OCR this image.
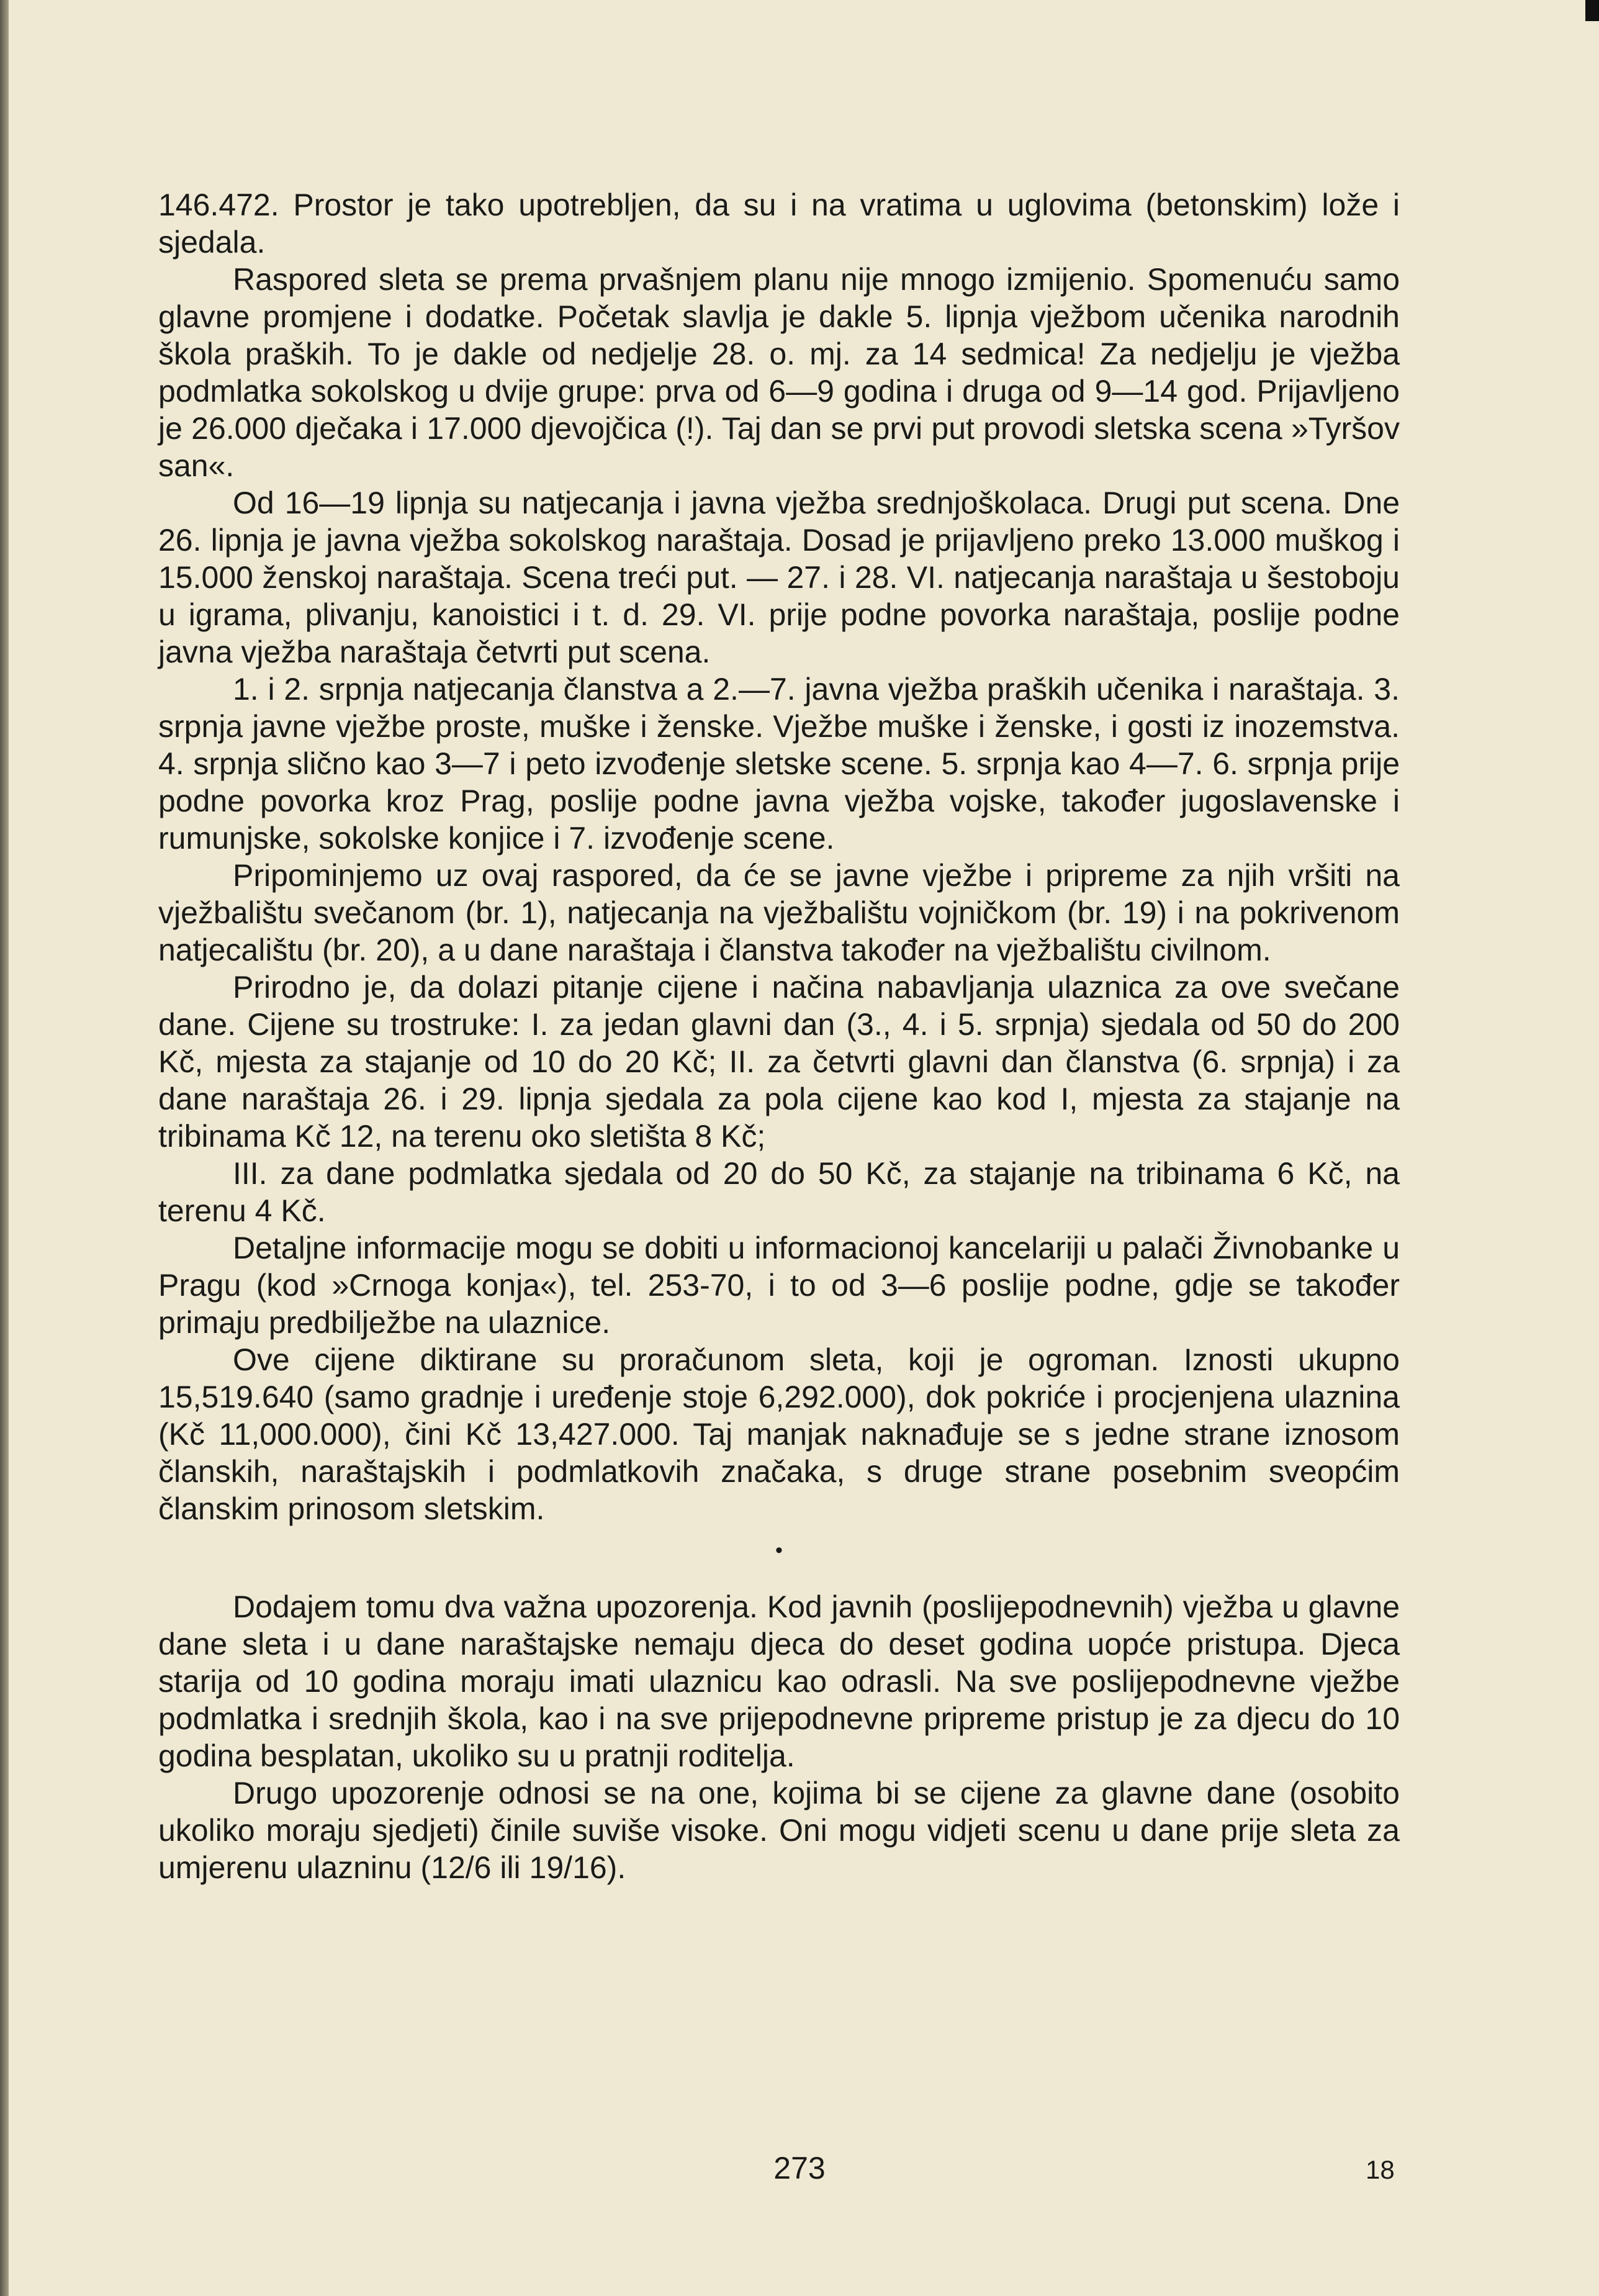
146.472. Prostor je tako upotrebljen, da su i na vratima u uglovima (betonskim) lože i sjedala.

Raspored sleta se prema prvašnjem planu nije mnogo izmijenio. Spomenuću samo glavne promjene i dodatke. Početak slavlja je dakle 5. lipnja vježbom učenika narodnih škola praških. To je dakle od nedjelje 28. o. mj. za 14 sedmica! Za nedjelju je vježba podmlatka sokolskog u dvije grupe: prva od 6—9 godina i druga od 9—14 god. Prijavljeno je 26.000 dječaka i 17.000 djevojčica (!). Taj dan se prvi put provodi sletska scena »Tyršov san«.

Od 16—19 lipnja su natjecanja i javna vježba srednjoškolaca. Drugi put scena. Dne 26. lipnja je javna vježba sokolskog naraštaja. Dosad je prijavljeno preko 13.000 muškog i 15.000 ženskoj naraštaja. Scena treći put. — 27. i 28. VI. natjecanja naraštaja u šestoboju u igrama, plivanju, kanoistici i t. d. 29. VI. prije podne povorka naraštaja, poslije podne javna vježba naraštaja četvrti put scena.

1. i 2. srpnja natjecanja članstva a 2.—7. javna vježba praških učenika i naraštaja. 3. srpnja javne vježbe proste, muške i ženske. Vježbe muške i ženske, i gosti iz inozemstva. 4. srpnja slično kao 3—7 i peto izvođenje sletske scene. 5. srpnja kao 4—7. 6. srpnja prije podne povorka kroz Prag, poslije podne javna vježba vojske, također jugoslavenske i rumunjske, sokolske konjice i 7. izvođenje scene.

Pripominjemo uz ovaj raspored, da će se javne vježbe i pripreme za njih vršiti na vježbalištu svečanom (br. 1), natjecanja na vježbalištu vojničkom (br. 19) i na pokrivenom natjecalištu (br. 20), a u dane naraštaja i članstva također na vježbalištu civilnom.

Prirodno je, da dolazi pitanje cijene i načina nabavljanja ulaznica za ove svečane dane. Cijene su trostruke: I. za jedan glavni dan (3., 4. i 5. srpnja) sjedala od 50 do 200 Kč, mjesta za stajanje od 10 do 20 Kč; II. za četvrti glavni dan članstva (6. srpnja) i za dane naraštaja 26. i 29. lipnja sjedala za pola cijene kao kod I, mjesta za stajanje na tribinama Kč 12, na terenu oko sletišta 8 Kč;

III. za dane podmlatka sjedala od 20 do 50 Kč, za stajanje na tribinama 6 Kč, na terenu 4 Kč.

Detaljne informacije mogu se dobiti u informacionoj kancelariji u palači Živnobanke u Pragu (kod »Crnoga konja«), tel. 253-70, i to od 3—6 poslije podne, gdje se također primaju predbilježbe na ulaznice.

Ove cijene diktirane su proračunom sleta, koji je ogroman. Iznosti ukupno 15,519.640 (samo gradnje i uređenje stoje 6,292.000), dok pokriće i procjenjena ulaznina (Kč 11,000.000), čini Kč 13,427.000. Taj manjak naknađuje se s jedne strane iznosom članskih, naraštajskih i podmlatkovih značaka, s druge strane posebnim sveopćim članskim prinosom sletskim.

•

Dodajem tomu dva važna upozorenja. Kod javnih (poslijepodnevnih) vježba u glavne dane sleta i u dane naraštajske nemaju djeca do deset godina uopće pristupa. Djeca starija od 10 godina moraju imati ulaznicu kao odrasli. Na sve poslijepodnevne vježbe podmlatka i srednjih škola, kao i na sve prijepodnevne pripreme pristup je za djecu do 10 godina besplatan, ukoliko su u pratnji roditelja.

Drugo upozorenje odnosi se na one, kojima bi se cijene za glavne dane (osobito ukoliko moraju sjedjeti) činile suviše visoke. Oni mogu vidjeti scenu u dane prije sleta za umjerenu ulazninu (12/6 ili 19/16).

273	18
